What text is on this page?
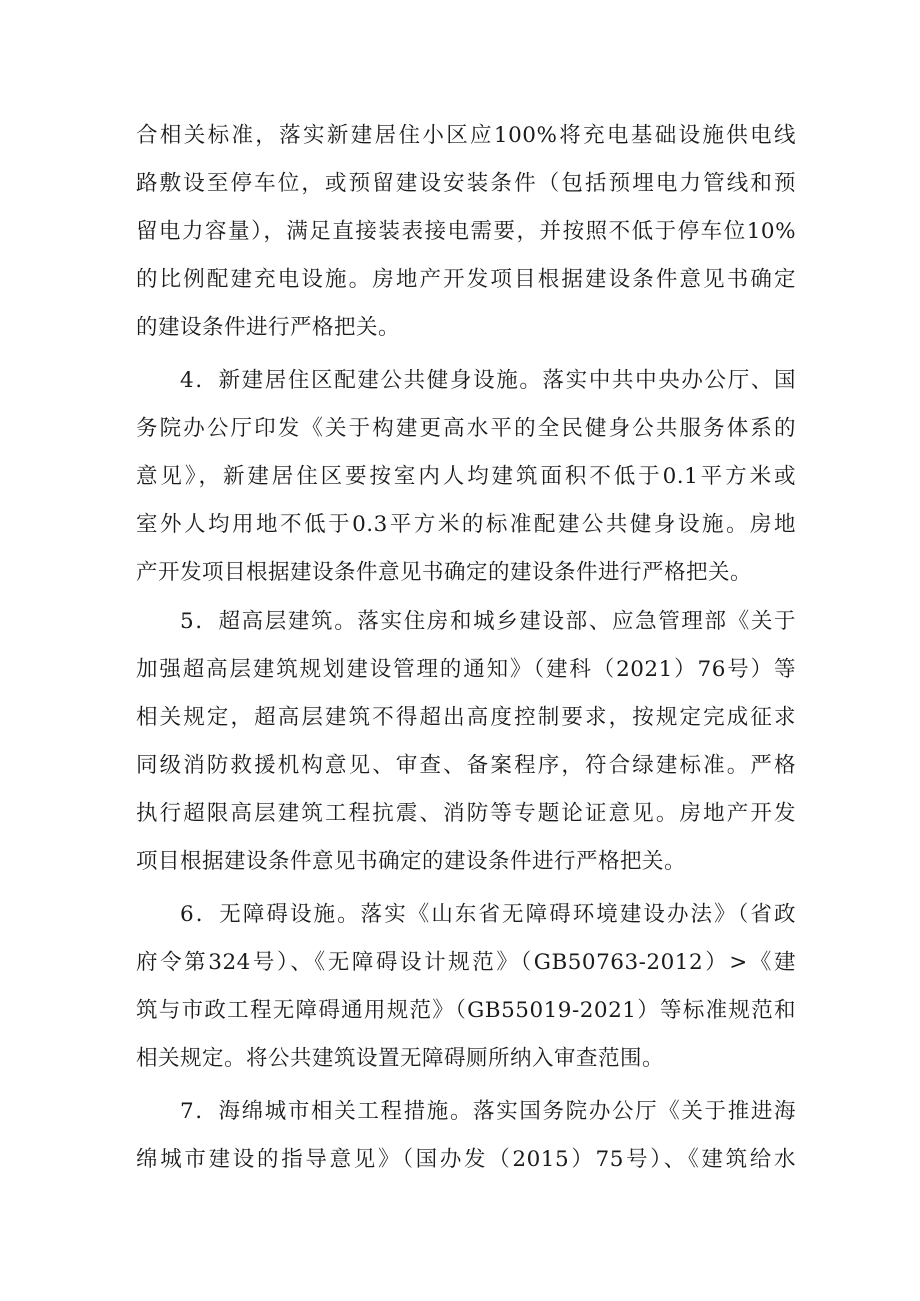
合相关标准，落实新建居住小区应100%将充电基础设施供电线
路敷设至停车位，或预留建设安装条件（包括预埋电力管线和预
留电力容量），满足直接装表接电需要，并按照不低于停车位10%
的比例配建充电设施。房地产开发项目根据建设条件意见书确定
的建设条件进行严格把关。
4．新建居住区配建公共健身设施。落实中共中央办公厅、国
务院办公厅印发《关于构建更高水平的全民健身公共服务体系的
意见》，新建居住区要按室内人均建筑面积不低于0.1平方米或
室外人均用地不低于0.3平方米的标准配建公共健身设施。房地
产开发项目根据建设条件意见书确定的建设条件进行严格把关。
5．超高层建筑。落实住房和城乡建设部、应急管理部《关于
加强超高层建筑规划建设管理的通知》（建科（2021）76号）等
相关规定，超高层建筑不得超出高度控制要求，按规定完成征求
同级消防救援机构意见、审查、备案程序，符合绿建标准。严格
执行超限高层建筑工程抗震、消防等专题论证意见。房地产开发
项目根据建设条件意见书确定的建设条件进行严格把关。
6．无障碍设施。落实《山东省无障碍环境建设办法》（省政
府令第324号）、《无障碍设计规范》（GB50763-2012）>《建
筑与市政工程无障碍通用规范》（GB55019-2021）等标准规范和
相关规定。将公共建筑设置无障碍厕所纳入审查范围。
7．海绵城市相关工程措施。落实国务院办公厅《关于推进海
绵城市建设的指导意见》（国办发（2015）75号）、《建筑给水
